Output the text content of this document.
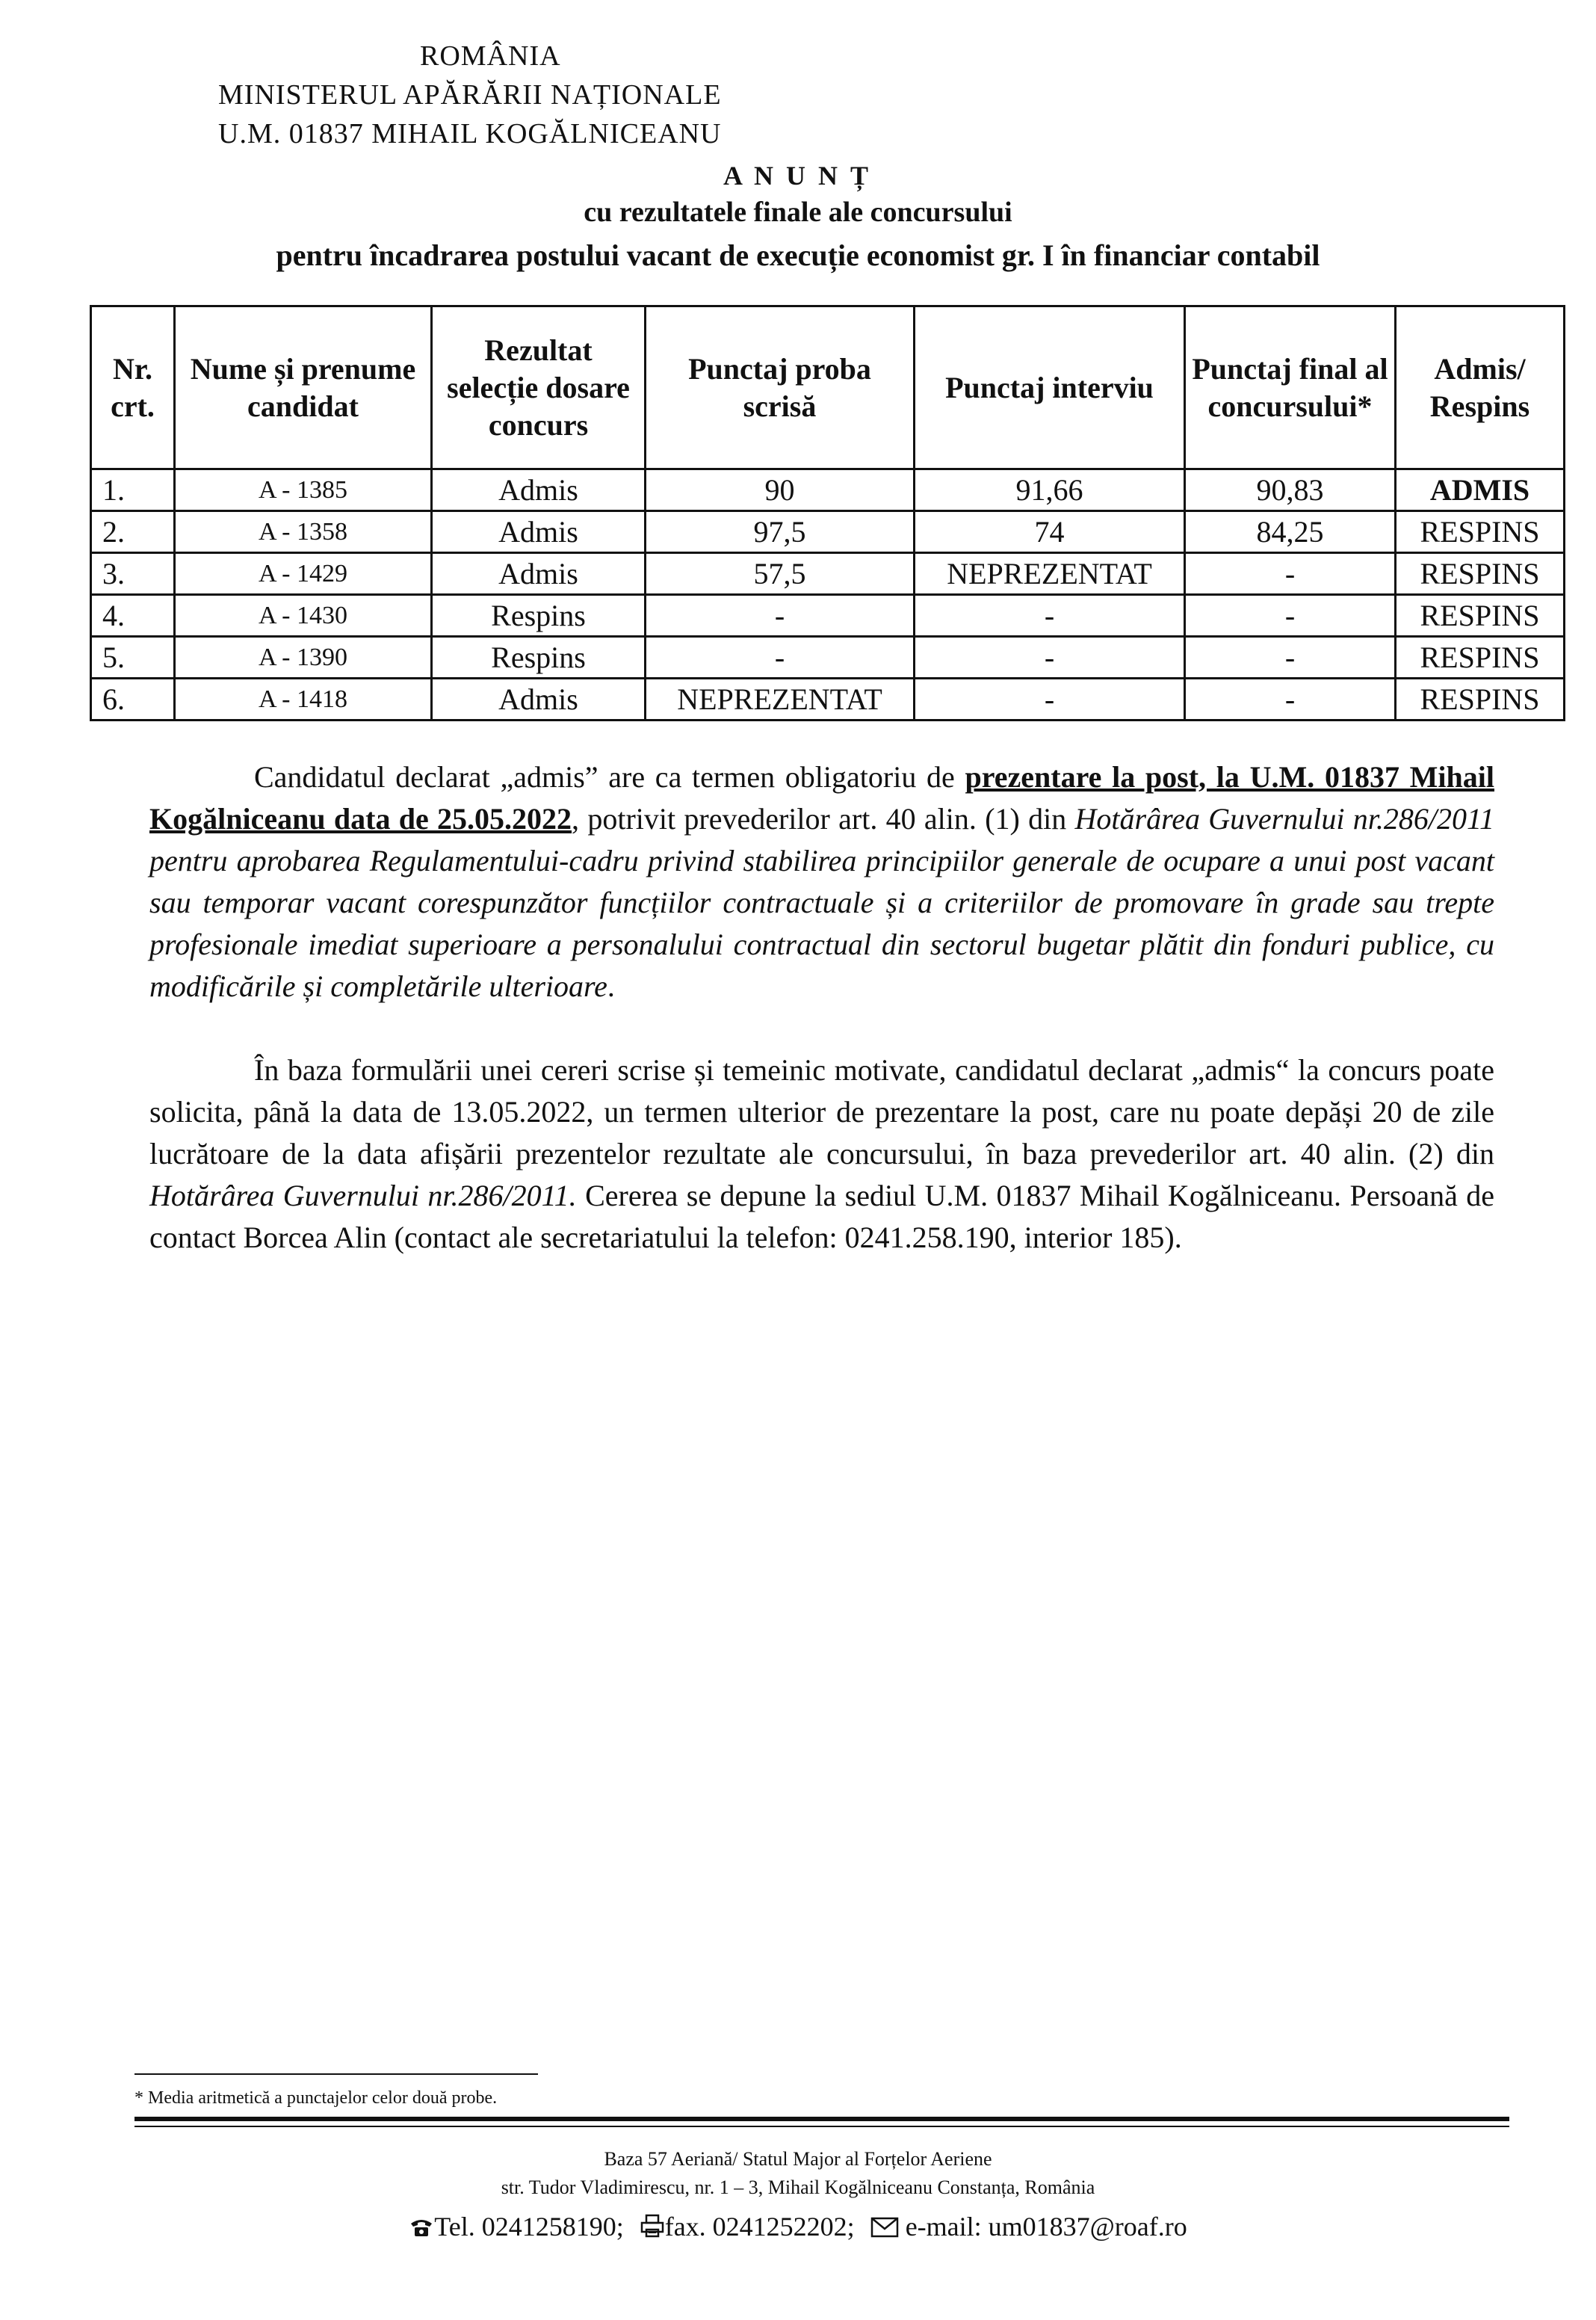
ROMÂNIA
MINISTERUL APĂRĂRII NAȚIONALE
U.M. 01837 MIHAIL KOGĂLNICEANU
A N U N Ț
cu rezultatele finale ale concursului
pentru încadrarea postului vacant de execuție economist gr. I în financiar contabil
Nr. crt.	Nume și prenume candidat	Rezultat selecție dosare concurs	Punctaj proba scrisă	Punctaj interviu	Punctaj final al concursului*	Admis/ Respins
1.	A - 1385	Admis	90	91,66	90,83	ADMIS
2.	A - 1358	Admis	97,5	74	84,25	RESPINS
3.	A - 1429	Admis	57,5	NEPREZENTAT	-	RESPINS
4.	A - 1430	Respins	-	-	-	RESPINS
5.	A - 1390	Respins	-	-	-	RESPINS
6.	A - 1418	Admis	NEPREZENTAT	-	-	RESPINS
Candidatul declarat „admis” are ca termen obligatoriu de prezentare la post, la U.M. 01837 Mihail Kogălniceanu data de 25.05.2022, potrivit prevederilor art. 40 alin. (1) din Hotărârea Guvernului nr.286/2011 pentru aprobarea Regulamentului-cadru privind stabilirea principiilor generale de ocupare a unui post vacant sau temporar vacant corespunzător funcțiilor contractuale și a criteriilor de promovare în grade sau trepte profesionale imediat superioare a personalului contractual din sectorul bugetar plătit din fonduri publice, cu modificările și completările ulterioare.
În baza formulării unei cereri scrise și temeinic motivate, candidatul declarat „admis“ la concurs poate solicita, până la data de 13.05.2022, un termen ulterior de prezentare la post, care nu poate depăși 20 de zile lucrătoare de la data afișării prezentelor rezultate ale concursului, în baza prevederilor art. 40 alin. (2) din Hotărârea Guvernului nr.286/2011. Cererea se depune la sediul U.M. 01837 Mihail Kogălniceanu. Persoană de contact Borcea Alin (contact ale secretariatului la telefon: 0241.258.190, interior 185).
* Media aritmetică a punctajelor celor două probe.
Baza 57 Aeriană/ Statul Major al Forțelor Aeriene
str. Tudor Vladimirescu, nr. 1 – 3, Mihail Kogălniceanu Constanța, România
Tel. 0241258190; fax. 0241252202; e-mail: um01837@roaf.ro
